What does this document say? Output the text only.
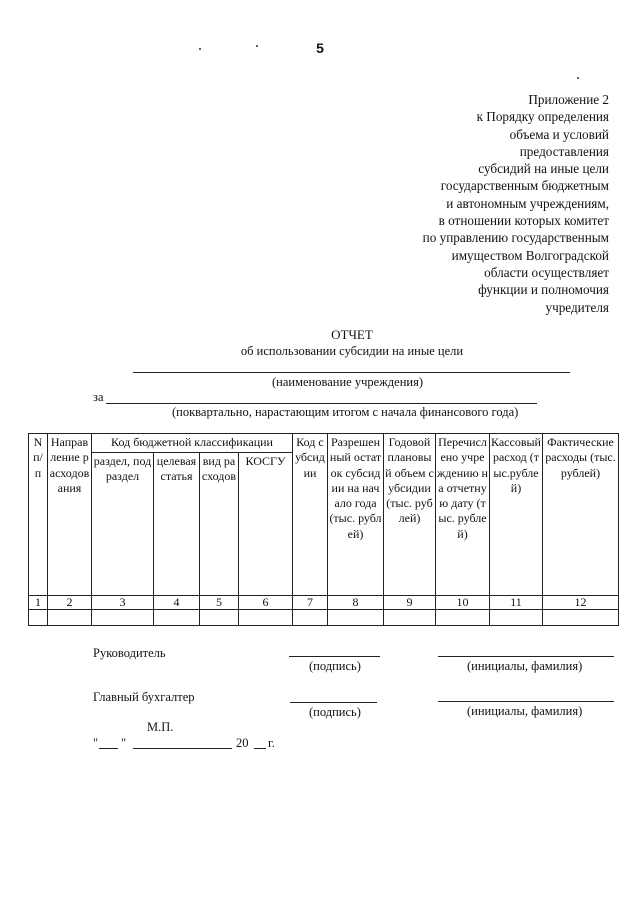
5
Приложение 2
к Порядку определения
объема и условий
предоставления
субсидий на иные цели
государственным бюджетным
и автономным учреждениям,
в отношении которых комитет
по управлению государственным
имуществом Волгоградской
области осуществляет
функции и полномочия
учредителя
ОТЧЕТ
об использовании субсидии на иные цели
(наименование учреждения)
за
(поквартально, нарастающим итогом с начала финансового года)
N п/п	Направление расходования	Код бюджетной классификации				Код субсидии	Разрешенный остаток субсидии на начало года (тыс. рублей)	Годовой плановый объем субсидии (тыс. рублей)	Перечислено учреждению на отчетную дату (тыс. рублей)	Кассовый расход (тыс.рублей)	Фактические расходы (тыс.рублей)
		раздел, подраздел	целевая статья	вид расходов	КОСГУ						
1	2	3	4	5	6	7	8	9	10	11	12

Руководитель
(подпись)	(инициалы, фамилия)
Главный бухгалтер
(подпись)	(инициалы, фамилия)
М.П.
" "	20 г.
